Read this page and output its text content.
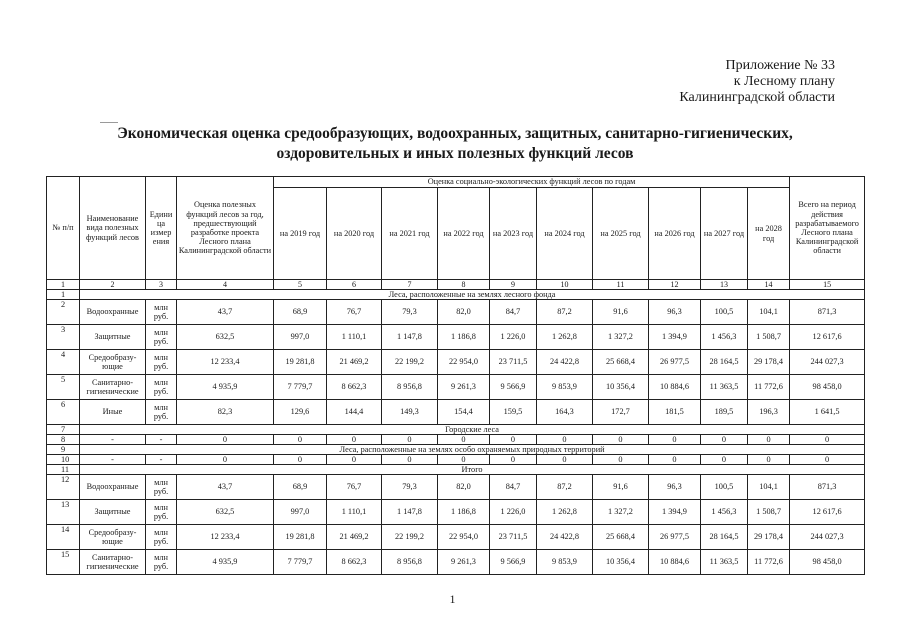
Приложение № 33
к Лесному плану
Калининградской области
Экономическая оценка средообразующих, водоохранных, защитных, санитарно-гигиенических,
оздоровительных и иных полезных функций лесов
№ п/п	Наименование вида полезных функций лесов	Едини ца измер ения	Оценка полезных функций лесов за год, предшествующий разработке проекта Лесного плана Калининградской области	Оценка социально-экологических функций лесов по годам										Всего на период действия разрабатываемого Лесного плана Калининградской области
				на 2019 год	на 2020 год	на 2021 год	на 2022 год	на 2023 год	на 2024 год	на 2025 год	на 2026 год	на 2027 год	на 2028 год	
1	2	3	4	5	6	7	8	9	10	11	12	13	14	15
1	Леса, расположенные на землях лесного фонда													
2	Водоохранные	млн руб.	43,7	68,9	76,7	79,3	82,0	84,7	87,2	91,6	96,3	100,5	104,1	871,3
3	Защитные	млн руб.	632,5	997,0	1 110,1	1 147,8	1 186,8	1 226,0	1 262,8	1 327,2	1 394,9	1 456,3	1 508,7	12 617,6
4	Средообразу-ющие	млн руб.	12 233,4	19 281,8	21 469,2	22 199,2	22 954,0	23 711,5	24 422,8	25 668,4	26 977,5	28 164,5	29 178,4	244 027,3
5	Санитарно-гигиенические	млн руб.	4 935,9	7 779,7	8 662,3	8 956,8	9 261,3	9 566,9	9 853,9	10 356,4	10 884,6	11 363,5	11 772,6	98 458,0
6	Иные	млн руб.	82,3	129,6	144,4	149,3	154,4	159,5	164,3	172,7	181,5	189,5	196,3	1 641,5
7	Городские леса													
8	-	-	0	0	0	0	0	0	0	0	0	0	0	0
9	Леса, расположенные на землях особо охраняемых природных территорий													
10	-	-	0	0	0	0	0	0	0	0	0	0	0	0
11	Итого													
12	Водоохранные	млн руб.	43,7	68,9	76,7	79,3	82,0	84,7	87,2	91,6	96,3	100,5	104,1	871,3
13	Защитные	млн руб.	632,5	997,0	1 110,1	1 147,8	1 186,8	1 226,0	1 262,8	1 327,2	1 394,9	1 456,3	1 508,7	12 617,6
14	Средообразу-ющие	млн руб.	12 233,4	19 281,8	21 469,2	22 199,2	22 954,0	23 711,5	24 422,8	25 668,4	26 977,5	28 164,5	29 178,4	244 027,3
15	Санитарно-гигиенические	млн руб.	4 935,9	7 779,7	8 662,3	8 956,8	9 261,3	9 566,9	9 853,9	10 356,4	10 884,6	11 363,5	11 772,6	98 458,0
1
